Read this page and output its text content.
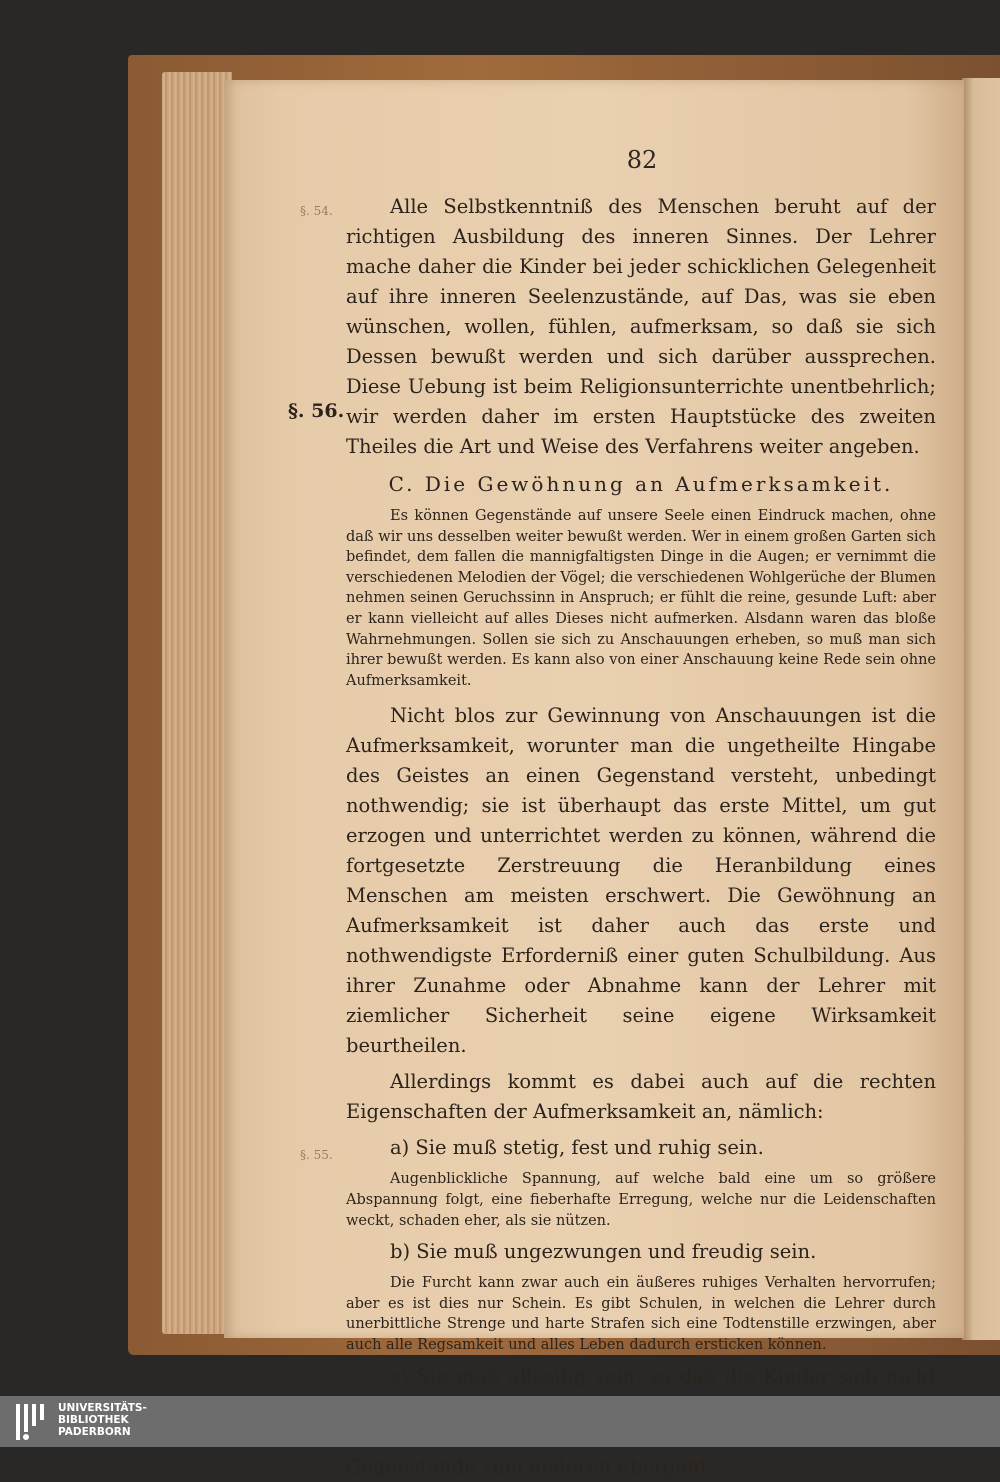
82
§. 54.
§. 55.
§. 56.

Alle Selbstkenntniß des Menschen beruht auf der richtigen Ausbildung des inneren Sinnes. Der Lehrer mache daher die Kinder bei jeder schicklichen Gelegenheit auf ihre inneren Seelenzustände, auf Das, was sie eben wünschen, wollen, fühlen, aufmerksam, so daß sie sich Dessen bewußt werden und sich darüber aussprechen. Diese Uebung ist beim Religionsunterrichte unentbehrlich; wir werden daher im ersten Hauptstücke des zweiten Theiles die Art und Weise des Verfahrens weiter angeben.

C. Die Gewöhnung an Aufmerksamkeit.

Es können Gegenstände auf unsere Seele einen Eindruck machen, ohne daß wir uns desselben weiter bewußt werden. Wer in einem großen Garten sich befindet, dem fallen die mannigfaltigsten Dinge in die Augen; er vernimmt die verschiedenen Melodien der Vögel; die verschiedenen Wohlgerüche der Blumen nehmen seinen Geruchssinn in Anspruch; er fühlt die reine, gesunde Luft: aber er kann vielleicht auf alles Dieses nicht aufmerken. Alsdann waren das bloße Wahrnehmungen. Sollen sie sich zu Anschauungen erheben, so muß man sich ihrer bewußt werden. Es kann also von einer Anschauung keine Rede sein ohne Aufmerksamkeit.

Nicht blos zur Gewinnung von Anschauungen ist die Aufmerksamkeit, worunter man die ungetheilte Hingabe des Geistes an einen Gegenstand versteht, unbedingt nothwendig; sie ist überhaupt das erste Mittel, um gut erzogen und unterrichtet werden zu können, während die fortgesetzte Zerstreuung die Heranbildung eines Menschen am meisten erschwert. Die Gewöhnung an Aufmerksamkeit ist daher auch das erste und nothwendigste Erforderniß einer guten Schulbildung. Aus ihrer Zunahme oder Abnahme kann der Lehrer mit ziemlicher Sicherheit seine eigene Wirksamkeit beurtheilen.

Allerdings kommt es dabei auch auf die rechten Eigenschaften der Aufmerksamkeit an, nämlich:

a) Sie muß stetig, fest und ruhig sein.

Augenblickliche Spannung, auf welche bald eine um so größere Abspannung folgt, eine fieberhafte Erregung, welche nur die Leidenschaften weckt, schaden eher, als sie nützen.

b) Sie muß ungezwungen und freudig sein.

Die Furcht kann zwar auch ein äußeres ruhiges Verhalten hervorrufen; aber es ist dies nur Schein. Es gibt Schulen, in welchen die Lehrer durch unerbittliche Strenge und harte Strafen sich eine Todtenstille erzwingen, aber auch alle Regsamkeit und alles Leben dadurch ersticken können.

c) Sie muß allseitig sein, so daß die Kinder sich nicht Gegenstande zum anderen übergeht.

UNIVERSITÄTS-
BIBLIOTHEK
PADERBORN
